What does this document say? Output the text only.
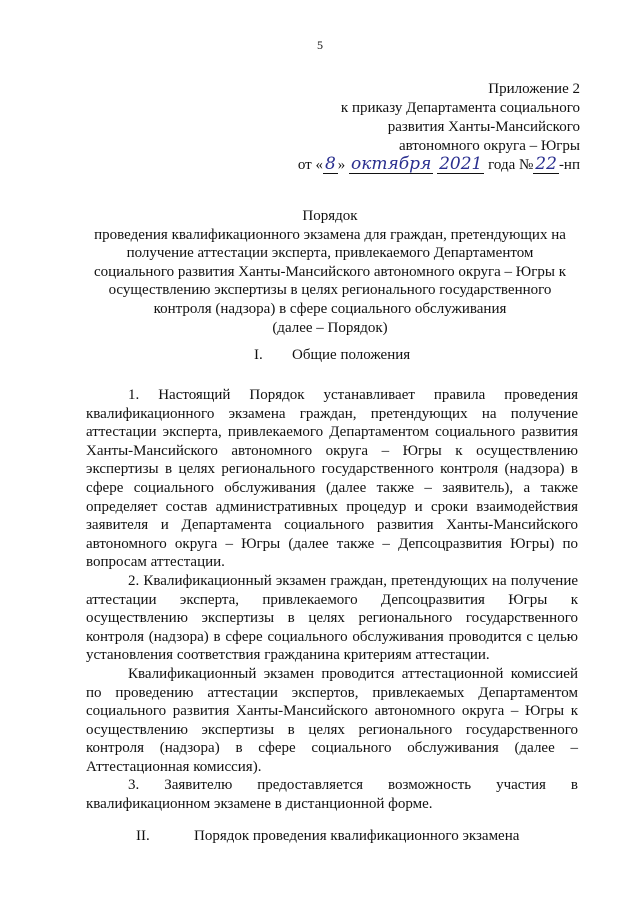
5
Приложение 2
к приказу Департамента социального
развития Ханты-Мансийского
автономного округа – Югры
от « 8 » октября 2021 года № 22 -нп
Порядок
проведения квалификационного экзамена для граждан, претендующих на
получение аттестации эксперта, привлекаемого Департаментом
социального развития Ханты-Мансийского автономного округа – Югры к
осуществлению экспертизы в целях регионального государственного
контроля (надзора) в сфере социального обслуживания
(далее – Порядок)
I. Общие положения

1. Настоящий Порядок устанавливает правила проведения квалификационного экзамена граждан, претендующих на получение аттестации эксперта, привлекаемого Департаментом социального развития Ханты-Мансийского автономного округа – Югры к осуществлению экспертизы в целях регионального государственного контроля (надзора) в сфере социального обслуживания (далее также – заявитель), а также определяет состав административных процедур и сроки взаимодействия заявителя и Департамента социального развития Ханты-Мансийского автономного округа – Югры (далее также – Депсоцразвития Югры) по вопросам аттестации.

2. Квалификационный экзамен граждан, претендующих на получение аттестации эксперта, привлекаемого Депсоцразвития Югры к осуществлению экспертизы в целях регионального государственного контроля (надзора) в сфере социального обслуживания проводится с целью установления соответствия гражданина критериям аттестации.

Квалификационный экзамен проводится аттестационной комиссией по проведению аттестации экспертов, привлекаемых Департаментом социального развития Ханты-Мансийского автономного округа – Югры к осуществлению экспертизы в целях регионального государственного контроля (надзора) в сфере социального обслуживания (далее – Аттестационная комиссия).

3. Заявителю предоставляется возможность участия в квалификационном экзамене в дистанционной форме.

II.	Порядок проведения квалификационного экзамена
